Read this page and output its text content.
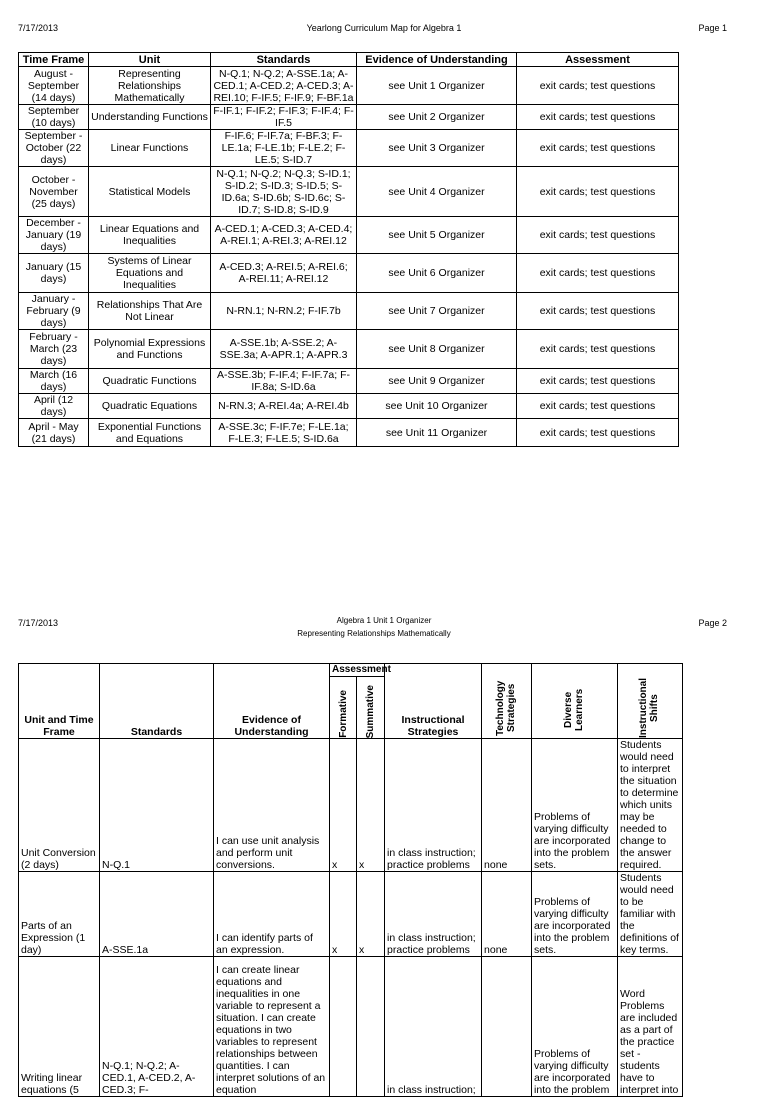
7/17/2013	Yearlong Curriculum Map for Algebra 1	Page 1
Time Frame	Unit	Standards	Evidence of Understanding	Assessment
August - September (14 days)	Representing Relationships Mathematically	N-Q.1; N-Q.2; A-SSE.1a; A-CED.1; A-CED.2; A-CED.3; A-REI.10; F-IF.5; F-IF.9; F-BF.1a	see Unit 1 Organizer	exit cards; test questions
September (10 days)	Understanding Functions	F-IF.1; F-IF.2; F-IF.3; F-IF.4; F-IF.5	see Unit 2 Organizer	exit cards; test questions
September - October (22 days)	Linear Functions	F-IF.6; F-IF.7a; F-BF.3; F-LE.1a; F-LE.1b; F-LE.2; F-LE.5; S-ID.7	see Unit 3 Organizer	exit cards; test questions
October - November (25 days)	Statistical Models	N-Q.1; N-Q.2; N-Q.3; S-ID.1; S-ID.2; S-ID.3; S-ID.5; S-ID.6a; S-ID.6b; S-ID.6c; S-ID.7; S-ID.8; S-ID.9	see Unit 4 Organizer	exit cards; test questions
December - January (19 days)	Linear Equations and Inequalities	A-CED.1; A-CED.3; A-CED.4; A-REI.1; A-REI.3; A-REI.12	see Unit 5 Organizer	exit cards; test questions
January (15 days)	Systems of Linear Equations and Inequalities	A-CED.3; A-REI.5; A-REI.6; A-REI.11; A-REI.12	see Unit 6 Organizer	exit cards; test questions
January - February (9 days)	Relationships That Are Not Linear	N-RN.1; N-RN.2; F-IF.7b	see Unit 7 Organizer	exit cards; test questions
February - March (23 days)	Polynomial Expressions and Functions	A-SSE.1b; A-SSE.2; A-SSE.3a; A-APR.1; A-APR.3	see Unit 8 Organizer	exit cards; test questions
March (16 days)	Quadratic Functions	A-SSE.3b; F-IF.4; F-IF.7a; F-IF.8a; S-ID.6a	see Unit 9 Organizer	exit cards; test questions
April (12 days)	Quadratic Equations	N-RN.3; A-REI.4a; A-REI.4b	see Unit 10 Organizer	exit cards; test questions
April - May (21 days)	Exponential Functions and Equations	A-SSE.3c; F-IF.7e; F-LE.1a; F-LE.3; F-LE.5; S-ID.6a	see Unit 11 Organizer	exit cards; test questions
7/17/2013	Algebra 1 Unit 1 Organizer
Representing Relationships Mathematically
Page 2
Unit and Time Frame	Standards	Evidence of Understanding	Assessment		Instructional Strategies	Technology Strategies	Diverse Learners	Instructional Shifts

			Formative	Summative				

Unit Conversion (2 days)	N-Q.1	I can use unit analysis and perform unit conversions.	x	x	in class instruction; practice problems	none	Problems of varying difficulty are incorporated into the problem sets.	Students would need to interpret the situation to determine which units may be needed to change to the answer required.
Parts of an Expression (1 day)	A-SSE.1a	I can identify parts of an expression.	x	x	in class instruction; practice problems	none	Problems of varying difficulty are incorporated into the problem sets.	Students would need to be familiar with the definitions of key terms.
Writing linear equations (5	N-Q.1; N-Q.2; A-CED.1, A-CED.2, A-CED.3; F-	I can create linear equations and inequalities in one variable to represent a situation. I can create equations in two variables to represent relationships between quantities. I can interpret solutions of an equation			in class instruction;		Problems of varying difficulty are incorporated into the problem	Word Problems are included as a part of the practice set - students have to interpret into
